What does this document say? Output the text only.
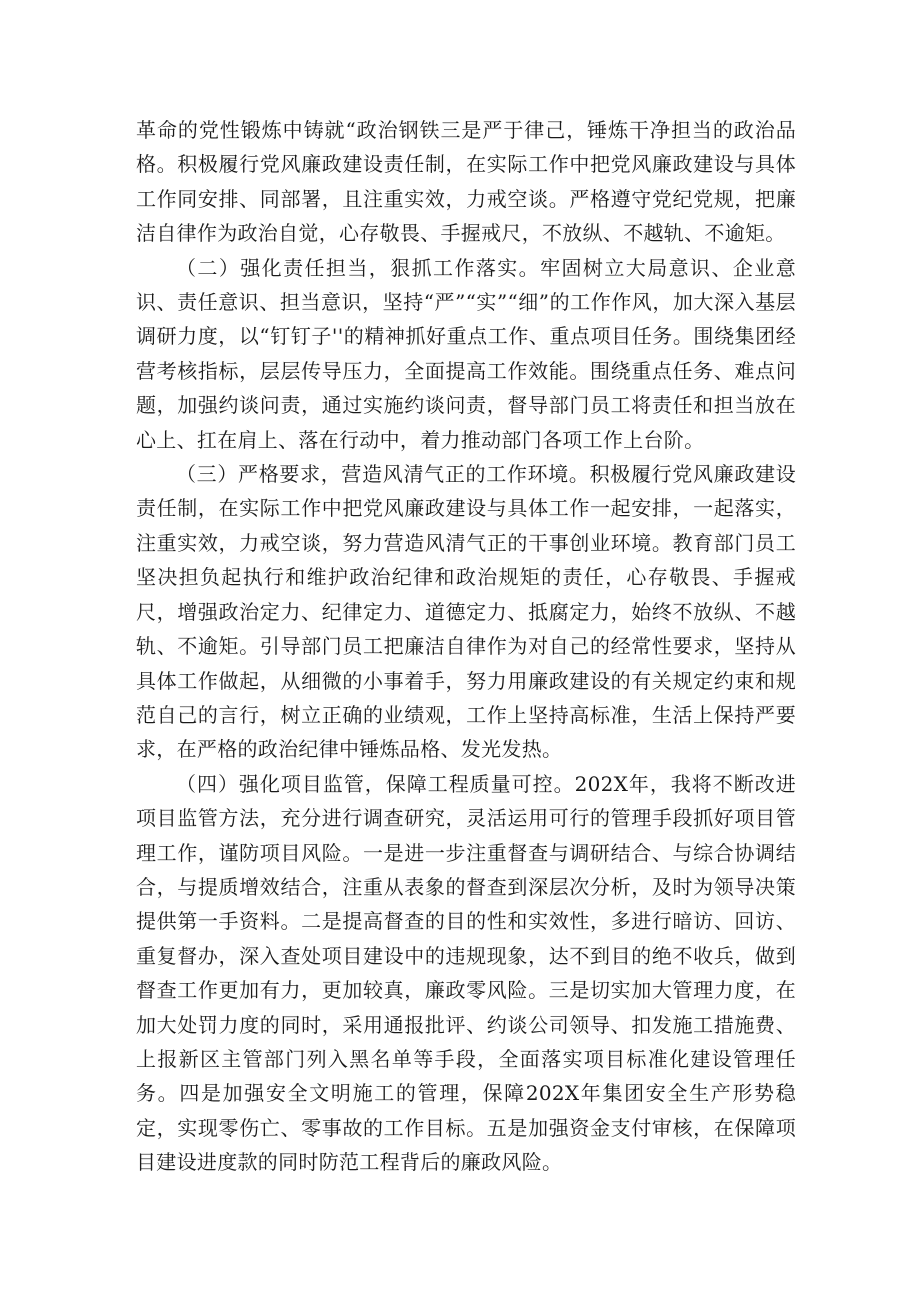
革命的党性锻炼中铸就“政治钢铁三是严于律己，锤炼干净担当的政治品格。积极履行党风廉政建设责任制，在实际工作中把党风廉政建设与具体工作同安排、同部署，且注重实效，力戒空谈。严格遵守党纪党规，把廉洁自律作为政治自觉，心存敬畏、手握戒尺，不放纵、不越轨、不逾矩。

（二）强化责任担当，狠抓工作落实。牢固树立大局意识、企业意识、责任意识、担当意识，坚持“严”“实”“细”的工作作风，加大深入基层调研力度，以“钉钉子''的精神抓好重点工作、重点项目任务。围绕集团经营考核指标，层层传导压力，全面提高工作效能。围绕重点任务、难点问题，加强约谈问责，通过实施约谈问责，督导部门员工将责任和担当放在心上、扛在肩上、落在行动中，着力推动部门各项工作上台阶。

（三）严格要求，营造风清气正的工作环境。积极履行党风廉政建设责任制，在实际工作中把党风廉政建设与具体工作一起安排，一起落实，注重实效，力戒空谈，努力营造风清气正的干事创业环境。教育部门员工坚决担负起执行和维护政治纪律和政治规矩的责任，心存敬畏、手握戒尺，增强政治定力、纪律定力、道德定力、抵腐定力，始终不放纵、不越轨、不逾矩。引导部门员工把廉洁自律作为对自己的经常性要求，坚持从具体工作做起，从细微的小事着手，努力用廉政建设的有关规定约束和规范自己的言行，树立正确的业绩观，工作上坚持高标准，生活上保持严要求，在严格的政治纪律中锤炼品格、发光发热。

（四）强化项目监管，保障工程质量可控。202X年，我将不断改进项目监管方法，充分进行调查研究，灵活运用可行的管理手段抓好项目管理工作，谨防项目风险。一是进一步注重督查与调研结合、与综合协调结合，与提质增效结合，注重从表象的督查到深层次分析，及时为领导决策提供第一手资料。二是提高督查的目的性和实效性，多进行暗访、回访、重复督办，深入查处项目建设中的违规现象，达不到目的绝不收兵，做到督查工作更加有力，更加较真，廉政零风险。三是切实加大管理力度，在加大处罚力度的同时，采用通报批评、约谈公司领导、扣发施工措施费、上报新区主管部门列入黑名单等手段，全面落实项目标准化建设管理任务。四是加强安全文明施工的管理，保障202X年集团安全生产形势稳定，实现零伤亡、零事故的工作目标。五是加强资金支付审核，在保障项目建设进度款的同时防范工程背后的廉政风险。
